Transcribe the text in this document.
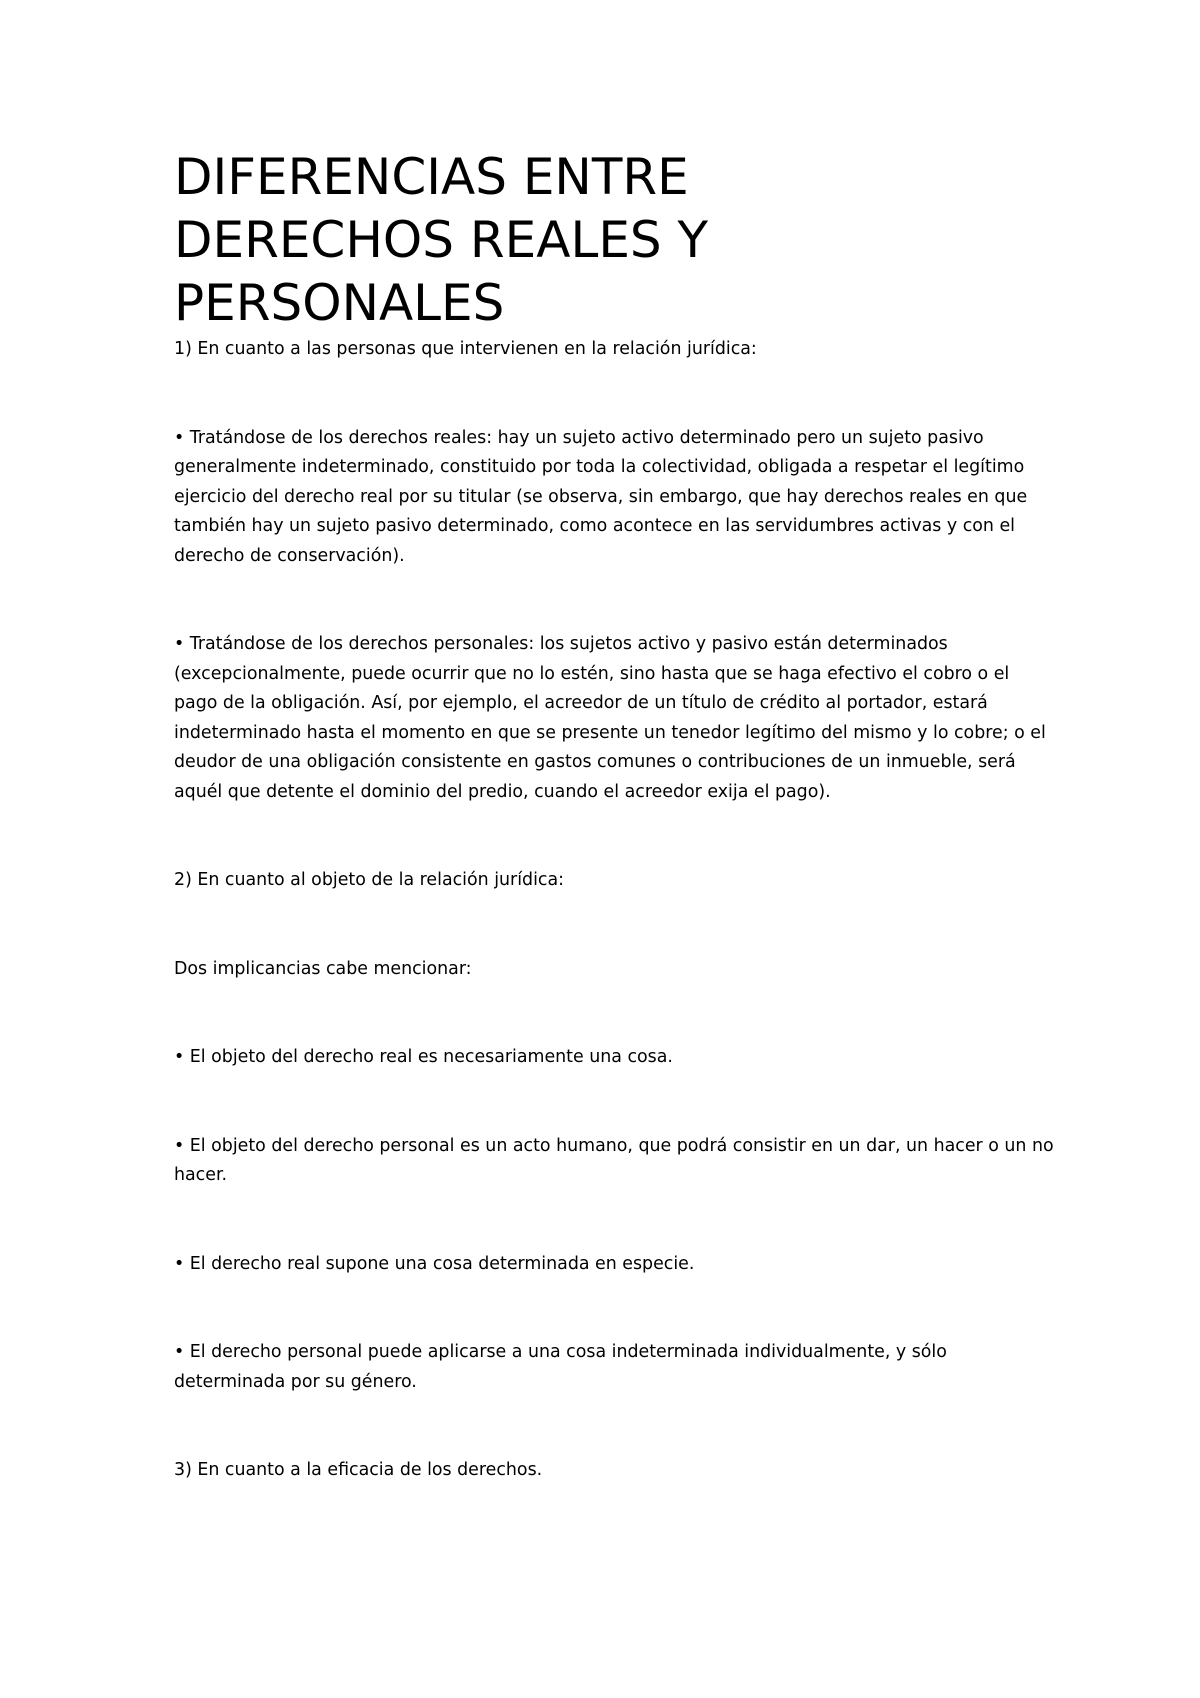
DIFERENCIAS ENTRE DERECHOS REALES Y PERSONALES

1) En cuanto a las personas que intervienen en la relación jurídica:

• Tratándose de los derechos reales: hay un sujeto activo determinado pero un sujeto pasivo generalmente indeterminado, constituido por toda la colectividad, obligada a respetar el legítimo ejercicio del derecho real por su titular (se observa, sin embargo, que hay derechos reales en que también hay un sujeto pasivo determinado, como acontece en las servidumbres activas y con el derecho de conservación).

• Tratándose de los derechos personales: los sujetos activo y pasivo están determinados (excepcionalmente, puede ocurrir que no lo estén, sino hasta que se haga efectivo el cobro o el pago de la obligación. Así, por ejemplo, el acreedor de un título de crédito al portador, estará indeterminado hasta el momento en que se presente un tenedor legítimo del mismo y lo cobre; o el deudor de una obligación consistente en gastos comunes o contribuciones de un inmueble, será aquél que detente el dominio del predio, cuando el acreedor exija el pago).

2) En cuanto al objeto de la relación jurídica:

Dos implicancias cabe mencionar:

• El objeto del derecho real es necesariamente una cosa.

• El objeto del derecho personal es un acto humano, que podrá consistir en un dar, un hacer o un no hacer.

• El derecho real supone una cosa determinada en especie.

• El derecho personal puede aplicarse a una cosa indeterminada individualmente, y sólo determinada por su género.

3) En cuanto a la eficacia de los derechos.
